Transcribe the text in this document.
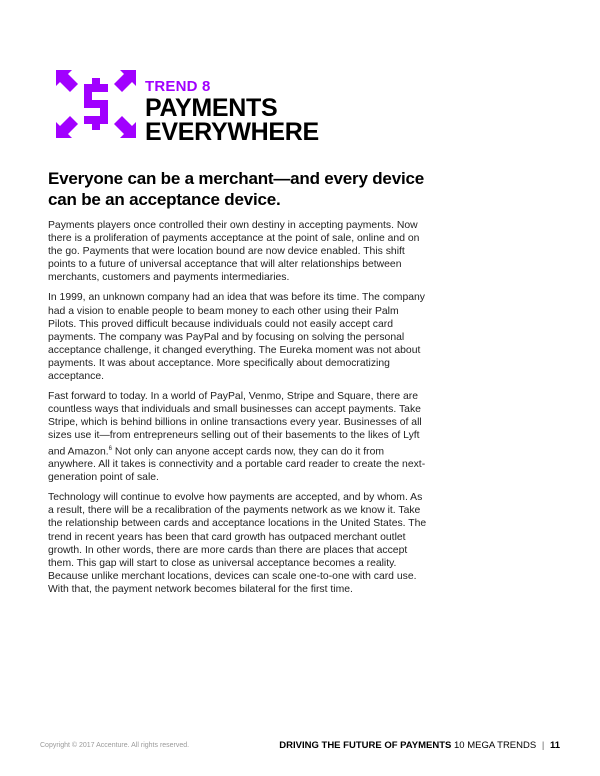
TREND 8
PAYMENTS
EVERYWHERE
Everyone can be a merchant—and every device can be an acceptance device.

Payments players once controlled their own destiny in accepting payments. Now there is a proliferation of payments acceptance at the point of sale, online and on the go. Payments that were location bound are now device enabled. This shift points to a future of universal acceptance that will alter relationships between merchants, customers and payments intermediaries.

In 1999, an unknown company had an idea that was before its time. The company had a vision to enable people to beam money to each other using their Palm Pilots. This proved difficult because individuals could not easily accept card payments. The company was PayPal and by focusing on solving the personal acceptance challenge, it changed everything. The Eureka moment was not about payments. It was about acceptance. More specifically about democratizing acceptance.

Fast forward to today. In a world of PayPal, Venmo, Stripe and Square, there are countless ways that individuals and small businesses can accept payments. Take Stripe, which is behind billions in online transactions every year. Businesses of all sizes use it—from entrepreneurs selling out of their basements to the likes of Lyft and Amazon.$^6$ Not only can anyone accept cards now, they can do it from anywhere. All it takes is connectivity and a portable card reader to create the next-generation point of sale.

Technology will continue to evolve how payments are accepted, and by whom. As a result, there will be a recalibration of the payments network as we know it. Take the relationship between cards and acceptance locations in the United States. The trend in recent years has been that card growth has outpaced merchant outlet growth. In other words, there are more cards than there are places that accept them. This gap will start to close as universal acceptance becomes a reality. Because unlike merchant locations, devices can scale one-to-one with card use. With that, the payment network becomes bilateral for the first time.

Copyright © 2017 Accenture. All rights reserved.	DRIVING THE FUTURE OF PAYMENTS 10 MEGA TRENDS | 11
